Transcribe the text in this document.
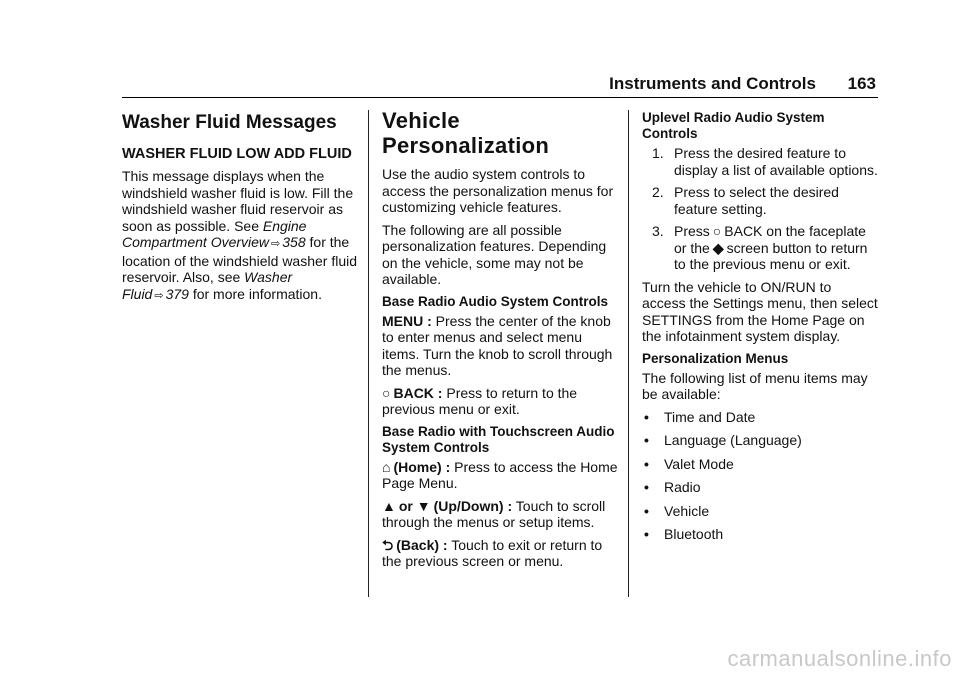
Instruments and Controls 163
Washer Fluid Messages
WASHER FLUID LOW ADD FLUID

This message displays when the windshield washer fluid is low. Fill the windshield washer fluid reservoir as soon as possible. See Engine Compartment Overview ⇨ 358 for the location of the windshield washer fluid reservoir. Also, see Washer Fluid ⇨ 379 for more information.

Vehicle Personalization

Use the audio system controls to access the personalization menus for customizing vehicle features.

The following are all possible personalization features. Depending on the vehicle, some may not be available.

Base Radio Audio System Controls

MENU : Press the center of the knob to enter menus and select menu items. Turn the knob to scroll through the menus.

○ BACK : Press to return to the previous menu or exit.

Base Radio with Touchscreen Audio System Controls

⌂ (Home) : Press to access the Home Page Menu.

▲ or ▼ (Up/Down) : Touch to scroll through the menus or setup items.

⮌ (Back) : Touch to exit or return to the previous screen or menu.

Uplevel Radio Audio System Controls
1. Press the desired feature to display a list of available options.
2. Press to select the desired feature setting.
3. Press ○ BACK on the faceplate or the ◆ screen button to return to the previous menu or exit.

Turn the vehicle to ON/RUN to access the Settings menu, then select SETTINGS from the Home Page on the infotainment system display.

Personalization Menus

The following list of menu items may be available:

• Time and Date
• Language (Language)
• Valet Mode
• Radio
• Vehicle
• Bluetooth
carmanualsonline.info
